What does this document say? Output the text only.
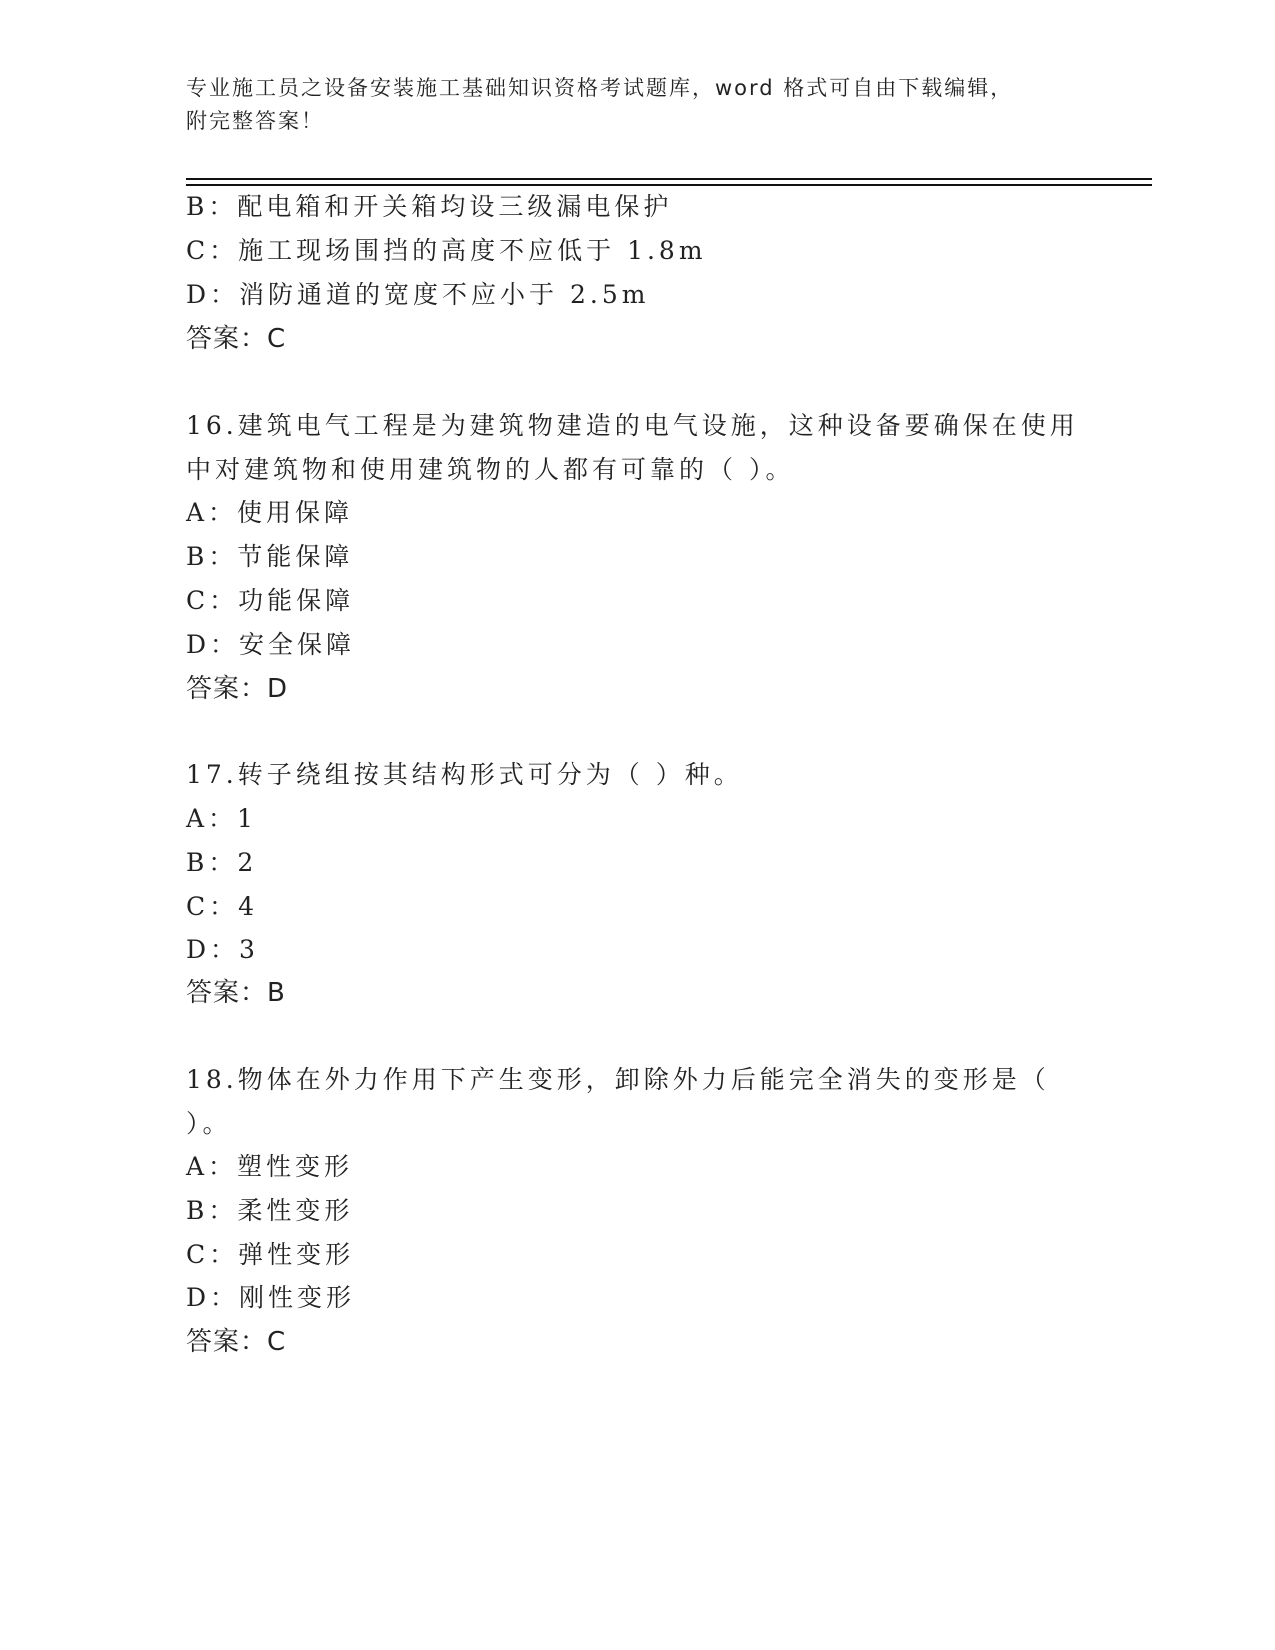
专业施工员之设备安装施工基础知识资格考试题库，word 格式可自由下载编辑，
附完整答案！
B：配电箱和开关箱均设三级漏电保护
C：施工现场围挡的高度不应低于 1.8m
D：消防通道的宽度不应小于 2.5m
答案：C
16.建筑电气工程是为建筑物建造的电气设施，这种设备要确保在使用
中对建筑物和使用建筑物的人都有可靠的（ ）。
A：使用保障
B：节能保障
C：功能保障
D：安全保障
答案：D
17.转子绕组按其结构形式可分为（ ）种。
A：1
B：2
C：4
D：3
答案：B
18.物体在外力作用下产生变形，卸除外力后能完全消失的变形是（
）。
A：塑性变形
B：柔性变形
C：弹性变形
D：刚性变形
答案：C
